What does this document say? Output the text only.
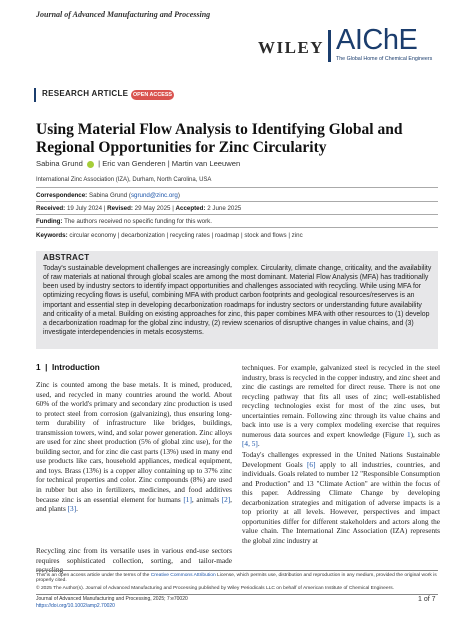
Journal of Advanced Manufacturing and Processing
WILEY AIChE
The Global Home of Chemical Engineers
RESEARCH ARTICLE OPEN ACCESS
Using Material Flow Analysis to Identifying Global and Regional Opportunities for Zinc Circularity
Sabina Grund | Eric van Genderen | Martin van Leeuwen
International Zinc Association (IZA), Durham, North Carolina, USA
Correspondence: Sabina Grund (sgrund@zinc.org)
Received: 19 July 2024 | Revised: 29 May 2025 | Accepted: 2 June 2025
Funding: The authors received no specific funding for this work.
Keywords: circular economy | decarbonization | recycling rates | roadmap | stock and flows | zinc
ABSTRACT
Today's sustainable development challenges are increasingly complex. Circularity, climate change, criticality, and the availability of raw materials at national through global scales are among the most dominant. Material Flow Analysis (MFA) has traditionally been used by industry sectors to identify impact opportunities and challenges associated with recycling. While using MFA for optimizing recycling flows is useful, combining MFA with product carbon footprints and geological resources/reserves is an important and essential step in developing decarbonization roadmaps for industry sectors or understanding future availability and criticality of a metal. Building on existing approaches for zinc, this paper combines MFA with other resources to (1) develop a decarbonization roadmap for the global zinc industry, (2) review scenarios of disruptive changes in value chains, and (3) investigate interdependencies in metals ecosystems.
1  |  Introduction
Zinc is counted among the base metals. It is mined, produced, used, and recycled in many countries around the world. About 60% of the world's primary and secondary zinc production is used to protect steel from corrosion (galvanizing), thus ensuring long-term durability of infrastructure like bridges, buildings, transmission towers, wind, and solar power generation. Zinc alloys are used for zinc sheet production (5% of global zinc use), for the building sector, and for zinc die cast parts (13%) used in many end use products like cars, household appliances, medical equipment, and toys. Brass (13%) is a copper alloy containing up to 37% zinc for technical properties and color. Zinc compounds (8%) are used in rubber but also in fertilizers, medicines, and food additives because zinc is an essential element for humans [1], animals [2], and plants [3].
Recycling zinc from its versatile uses in various end-use sectors requires sophisticated collection, sorting, and tailor-made recycling
techniques. For example, galvanized steel is recycled in the steel industry, brass is recycled in the copper industry, and zinc sheet and zinc die castings are remelted for direct reuse. There is not one recycling pathway that fits all uses of zinc; well-established recycling technologies exist for most of the zinc uses, but uncertainties remain. Following zinc through its value chains and back into use is a very complex modeling exercise that requires numerous data sources and expert knowledge (Figure 1), such as [4, 5].
Today's challenges expressed in the United Nations Sustainable Development Goals [6] apply to all industries, countries, and individuals. Goals related to number 12 "Responsible Consumption and Production" and 13 "Climate Action" are within the focus of this paper. Addressing Climate Change by developing decarbonization strategies and mitigation of adverse impacts is a top priority at all levels. However, perspectives and impact opportunities differ for different stakeholders and actors along the value chain. The International Zinc Association (IZA) represents the global zinc industry at
This is an open access article under the terms of the Creative Commons Attribution License, which permits use, distribution and reproduction in any medium, provided the original work is properly cited.
© 2025 The Author(s). Journal of Advanced Manufacturing and Processing published by Wiley Periodicals LLC on behalf of American Institute of Chemical Engineers.
Journal of Advanced Manufacturing and Processing, 2025; 7:e70020
https://doi.org/10.1002/amp2.70020
1 of 7
